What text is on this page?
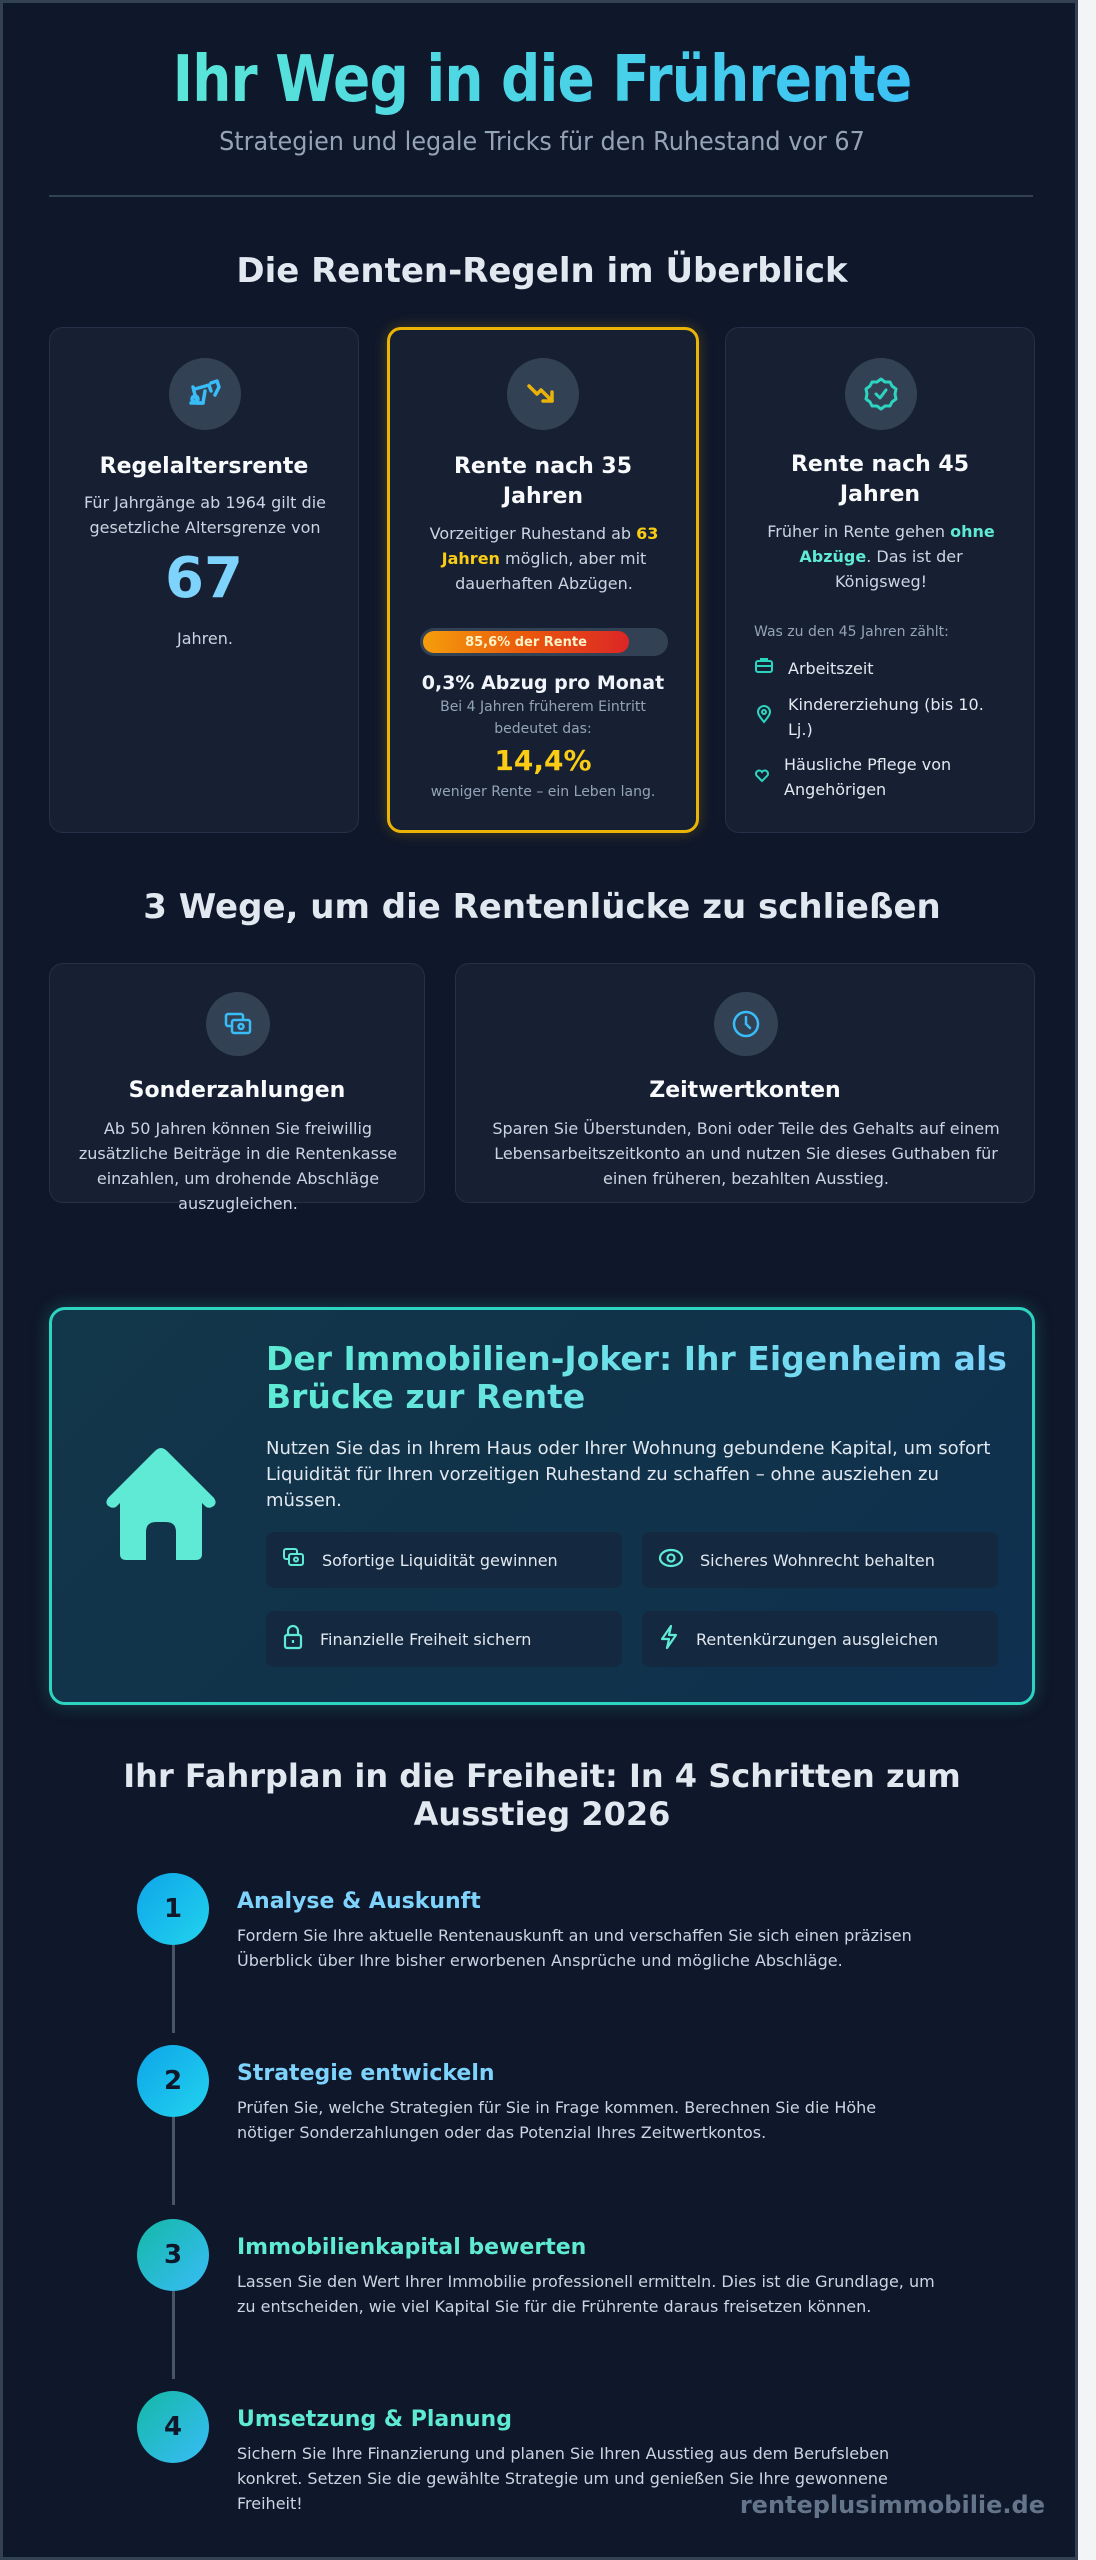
Ihr Weg in die Frührente

Strategien und legale Tricks für den Ruhestand vor 67

Die Renten-Regeln im Überblick
Regelaltersrente
Für Jahrgänge ab 1964 gilt die gesetzliche Altersgrenze von
67
Jahren.
Rente nach 35 Jahren
Vorzeitiger Ruhestand ab 63 Jahren möglich, aber mit dauerhaften Abzügen.
85,6% der Rente
0,3% Abzug pro Monat
Bei 4 Jahren früherem Eintritt bedeutet das:
14,4%
weniger Rente – ein Leben lang.
Rente nach 45 Jahren
Früher in Rente gehen ohne Abzüge. Das ist der Königsweg!
Was zu den 45 Jahren zählt:
Arbeitszeit
Kindererziehung (bis 10. Lj.)
Häusliche Pflege von Angehörigen
3 Wege, um die Rentenlücke zu schließen
Sonderzahlungen
Ab 50 Jahren können Sie freiwillig zusätzliche Beiträge in die Rentenkasse einzahlen, um drohende Abschläge auszugleichen.
Zeitwertkonten
Sparen Sie Überstunden, Boni oder Teile des Gehalts auf einem Lebensarbeitszeitkonto an und nutzen Sie dieses Guthaben für einen früheren, bezahlten Ausstieg.
Der Immobilien-Joker: Ihr Eigenheim als Brücke zur Rente
Nutzen Sie das in Ihrem Haus oder Ihrer Wohnung gebundene Kapital, um sofort Liquidität für Ihren vorzeitigen Ruhestand zu schaffen – ohne ausziehen zu müssen.
Sofortige Liquidität gewinnen	Sicheres Wohnrecht behalten
Finanzielle Freiheit sichern	Rentenkürzungen ausgleichen
Ihr Fahrplan in die Freiheit: In 4 Schritten zum
Ausstieg 2026
1	Analyse & Auskunft
Fordern Sie Ihre aktuelle Rentenauskunft an und verschaffen Sie sich einen präzisen Überblick über Ihre bisher erworbenen Ansprüche und mögliche Abschläge.
2	Strategie entwickeln
Prüfen Sie, welche Strategien für Sie in Frage kommen. Berechnen Sie die Höhe nötiger Sonderzahlungen oder das Potenzial Ihres Zeitwertkontos.
3	Immobilienkapital bewerten
Lassen Sie den Wert Ihrer Immobilie professionell ermitteln. Dies ist die Grundlage, um zu entscheiden, wie viel Kapital Sie für die Frührente daraus freisetzen können.
4	Umsetzung & Planung
Sichern Sie Ihre Finanzierung und planen Sie Ihren Ausstieg aus dem Berufsleben konkret. Setzen Sie die gewählte Strategie um und genießen Sie Ihre gewonnene Freiheit!	renteplusimmobilie.de
